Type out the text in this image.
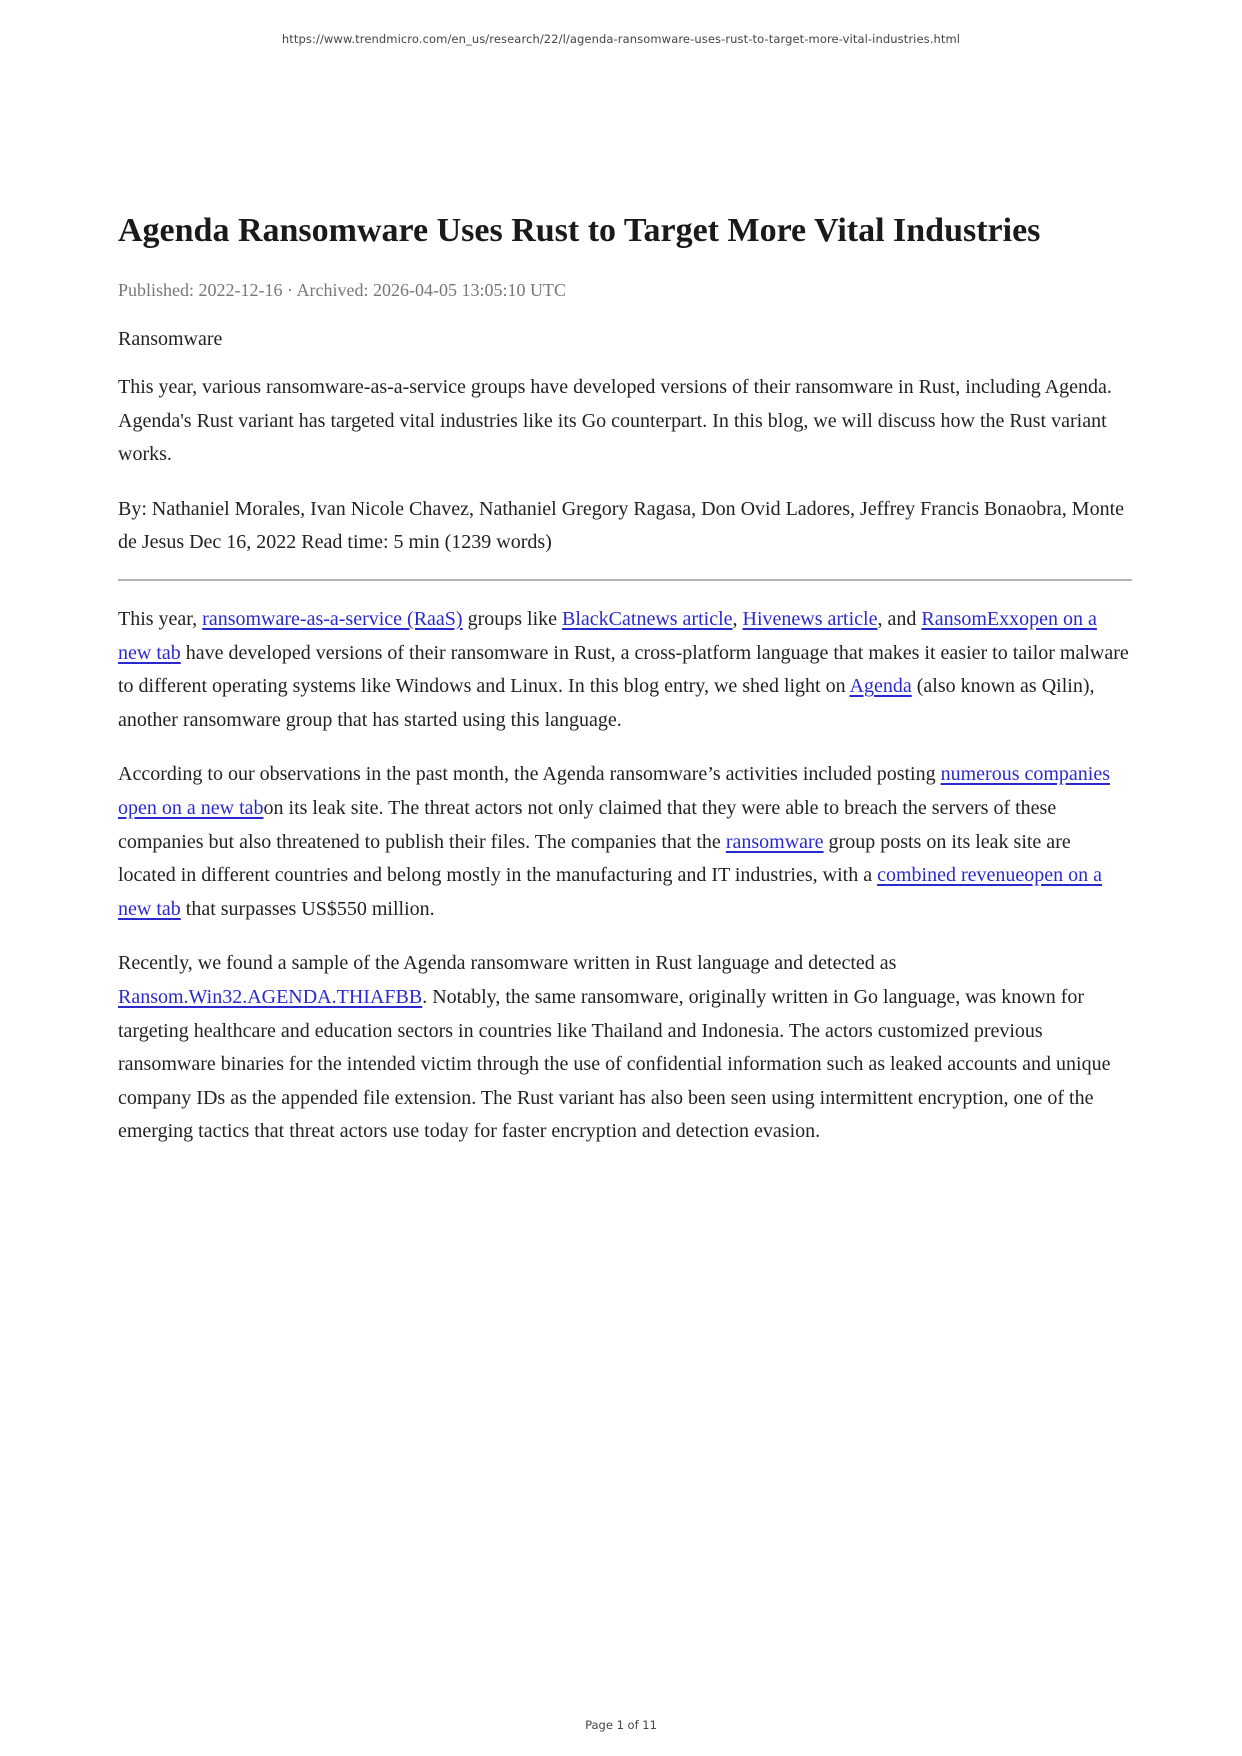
https://www.trendmicro.com/en_us/research/22/l/agenda-ransomware-uses-rust-to-target-more-vital-industries.html
Agenda Ransomware Uses Rust to Target More Vital Industries
Published: 2022-12-16 · Archived: 2026-04-05 13:05:10 UTC
Ransomware

This year, various ransomware-as-a-service groups have developed versions of their ransomware in Rust, including Agenda. Agenda's Rust variant has targeted vital industries like its Go counterpart. In this blog, we will discuss how the Rust variant works.

By: Nathaniel Morales, Ivan Nicole Chavez, Nathaniel Gregory Ragasa, Don Ovid Ladores, Jeffrey Francis Bonaobra, Monte de Jesus Dec 16, 2022 Read time: 5 min (1239 words)

This year, ransomware-as-a-service (RaaS) groups like BlackCatnews article, Hivenews article, and RansomExxopen on a new tab have developed versions of their ransomware in Rust, a cross-platform language that makes it easier to tailor malware to different operating systems like Windows and Linux. In this blog entry, we shed light on Agenda (also known as Qilin), another ransomware group that has started using this language.

According to our observations in the past month, the Agenda ransomware’s activities included posting numerous companies open on a new tabon its leak site. The threat actors not only claimed that they were able to breach the servers of these companies but also threatened to publish their files. The companies that the ransomware group posts on its leak site are located in different countries and belong mostly in the manufacturing and IT industries, with a combined revenueopen on a new tab that surpasses US$550 million.

Recently, we found a sample of the Agenda ransomware written in Rust language and detected as Ransom.Win32.AGENDA.THIAFBB. Notably, the same ransomware, originally written in Go language, was known for targeting healthcare and education sectors in countries like Thailand and Indonesia. The actors customized previous ransomware binaries for the intended victim through the use of confidential information such as leaked accounts and unique company IDs as the appended file extension. The Rust variant has also been seen using intermittent encryption, one of the emerging tactics that threat actors use today for faster encryption and detection evasion.

Page 1 of 11
